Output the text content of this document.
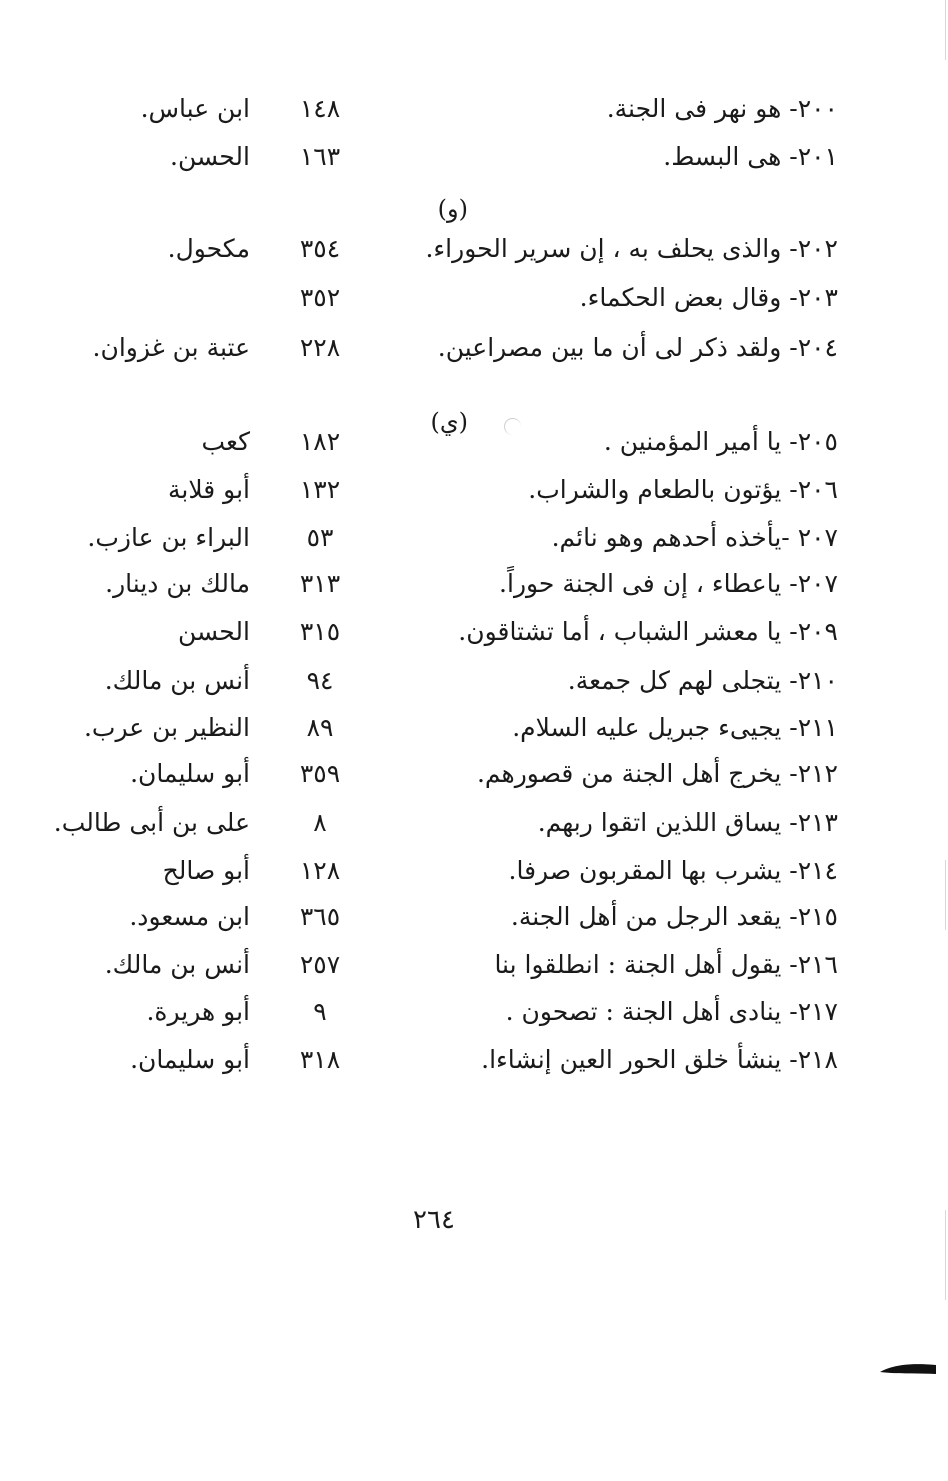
(و)
(ي)
٢٠٠- هو نهر فى الجنة.
٢٠١- هى البسط.
٢٠٢- والذى يحلف به ، إن سرير الحوراء.
٢٠٣- وقال بعض الحكماء.
٢٠٤- ولقد ذكر لى أن ما بين مصراعين.
٢٠٥- يا أمير المؤمنين .
٢٠٦- يؤتون بالطعام والشراب.
٢٠٧ -يأخذه أحدهم وهو نائم.
٢٠٧- ياعطاء ، إن فى الجنة حوراً.
٢٠٩- يا معشر الشباب ، أما تشتاقون.
٢١٠- يتجلى لهم كل جمعة.
٢١١- يجيىء جبريل عليه السلام.
٢١٢- يخرج أهل الجنة من قصورهم.
٢١٣- يساق اللذين اتقوا ربهم.
٢١٤- يشرب بها المقربون صرفا.
٢١٥- يقعد الرجل من أهل الجنة.
٢١٦- يقول أهل الجنة : انطلقوا بنا
٢١٧- ينادى أهل الجنة : تصحون .
٢١٨- ينشأ خلق الحور العين إنشاءا.
١٤٨
١٦٣
٣٥٤
٣٥٢
٢٢٨
١٨٢
١٣٢
٥٣
٣١٣
٣١٥
٩٤
٨٩
٣٥٩
٨
١٢٨
٣٦٥
٢٥٧
٩
٣١٨
ابن عباس.
الحسن.
مكحول.
عتبة بن غزوان.
كعب
أبو قلابة
البراء بن عازب.
مالك بن دينار.
الحسن
أنس بن مالك.
النظير بن عرب.
أبو سليمان.
على بن أبى طالب.
أبو صالح
ابن مسعود.
أنس بن مالك.
أبو هريرة.
أبو سليمان.
٢٦٤
